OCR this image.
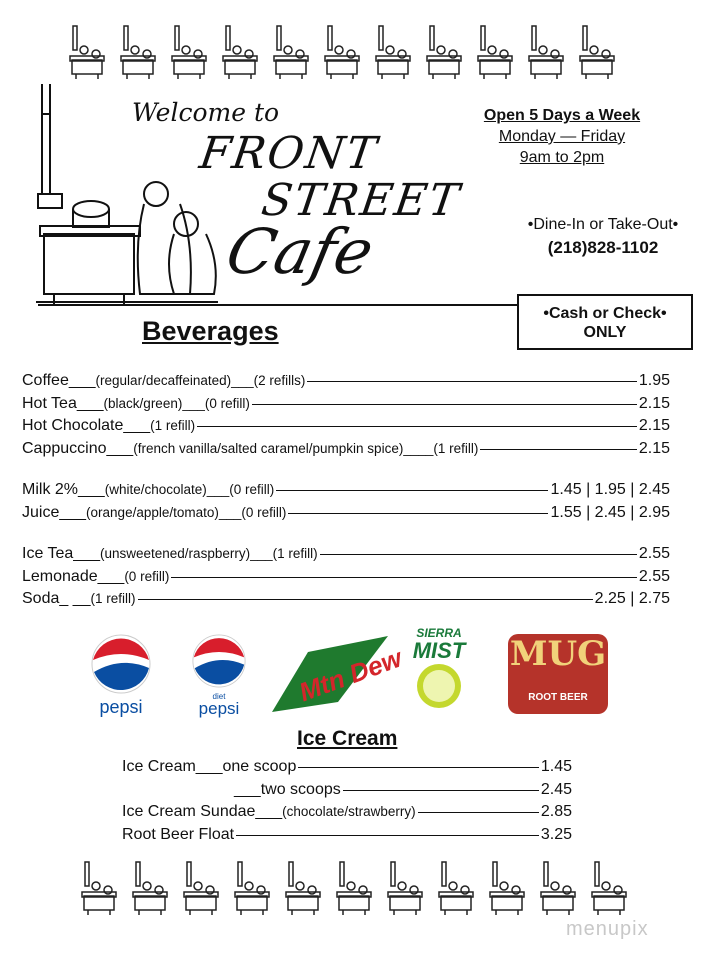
Welcome to
FRONT
STREET
Cafe
Open 5 Days a Week
Monday — Friday
9am to 2pm
•Dine-In or Take-Out•
(218)828-1102
•Cash or Check•
ONLY
Beverages
Coffee___ (regular/decaffeinated)___(2 refills)	1.95
Hot Tea___ (black/green)___(0 refill)	2.15
Hot Chocolate___ (1 refill)	2.15
Cappuccino___ (french vanilla/salted caramel/pumpkin spice)____(1 refill)	2.15
Milk 2%___ (white/chocolate)___(0 refill)	1.45 | 1.95 | 2.45
Juice___ (orange/apple/tomato)___(0 refill)	1.55 | 2.45 | 2.95
Ice Tea___ (unsweetened/raspberry)___(1 refill)	2.55
Lemonade___ (0 refill)	2.55
Soda_ __ (1 refill)	2.25 | 2.75
pepsi
diet
pepsi
Mtn Dew
SIERRA
MIST	MUG
ROOT BEER
Ice Cream
Ice Cream___ one scoop	1.45
___two scoops	2.45
Ice Cream Sundae___ (chocolate/strawberry)	2.85
Root Beer Float	3.25
menupix
